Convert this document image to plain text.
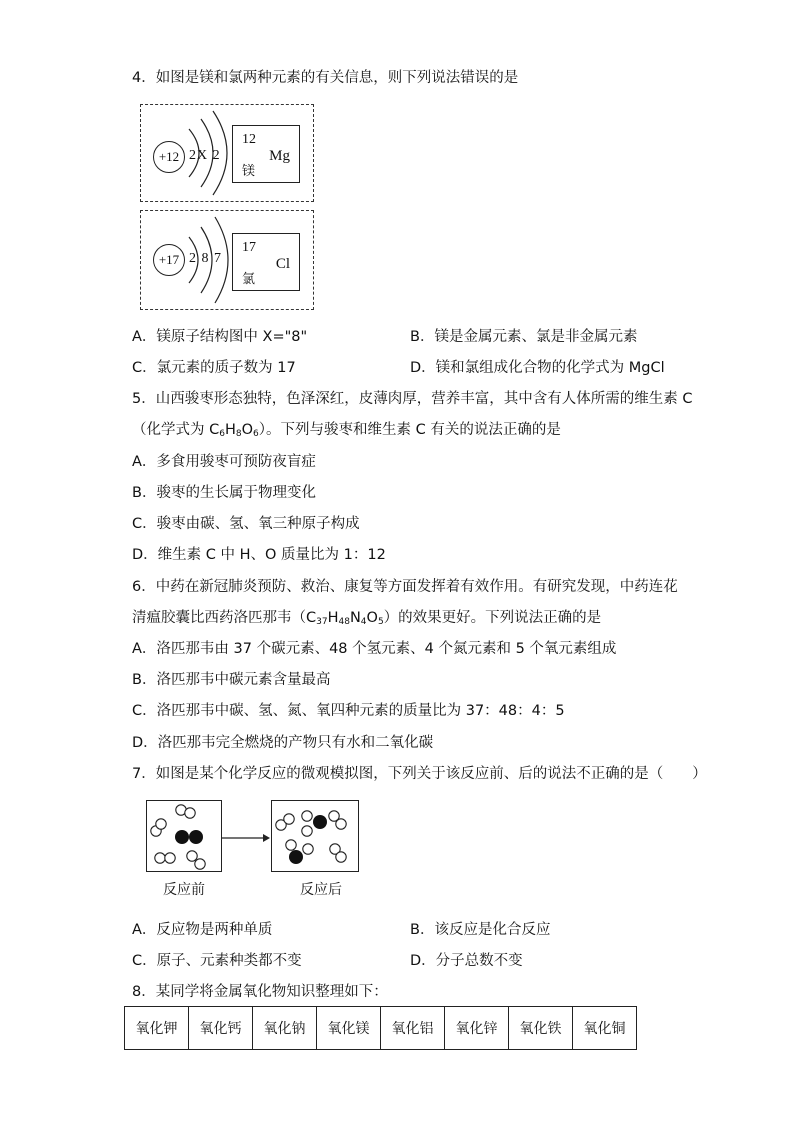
4．如图是镁和氯两种元素的有关信息，则下列说法错误的是
+12 2X 2
12
Mg
镁
+17 2 8 7
17
Cl
氯
A．镁原子结构图中 X="8"	B．镁是金属元素、氯是非金属元素
C．氯元素的质子数为 17	D．镁和氯组成化合物的化学式为 MgCl
5．山西骏枣形态独特，色泽深红，皮薄肉厚，营养丰富，其中含有人体所需的维生素 C
（化学式为 $C_6H_8O_6$）。下列与骏枣和维生素 C 有关的说法正确的是
A．多食用骏枣可预防夜盲症
B．骏枣的生长属于物理变化
C．骏枣由碳、氢、氧三种原子构成
D．维生素 C 中 H、O 质量比为 1：12
6．中药在新冠肺炎预防、救治、康复等方面发挥着有效作用。有研究发现，中药连花
清瘟胶囊比西药洛匹那韦$(C_{37}H_{48}N_4O_5)$的效果更好。下列说法正确的是
A．洛匹那韦由 37 个碳元素、48 个氢元素、4 个氮元素和 5 个氧元素组成
B．洛匹那韦中碳元素含量最高
C．洛匹那韦中碳、氢、氮、氧四种元素的质量比为 37：48：4：5
D．洛匹那韦完全燃烧的产物只有水和二氧化碳
7．如图是某个化学反应的微观模拟图，下列关于该反应前、后的说法不正确的是（　　）
反应前	反应后
A．反应物是两种单质	B．该反应是化合反应
C．原子、元素种类都不变	D．分子总数不变
8．某同学将金属氧化物知识整理如下：
氧化钾	氧化钙	氧化钠	氧化镁	氧化铝	氧化锌	氧化铁	氧化铜
